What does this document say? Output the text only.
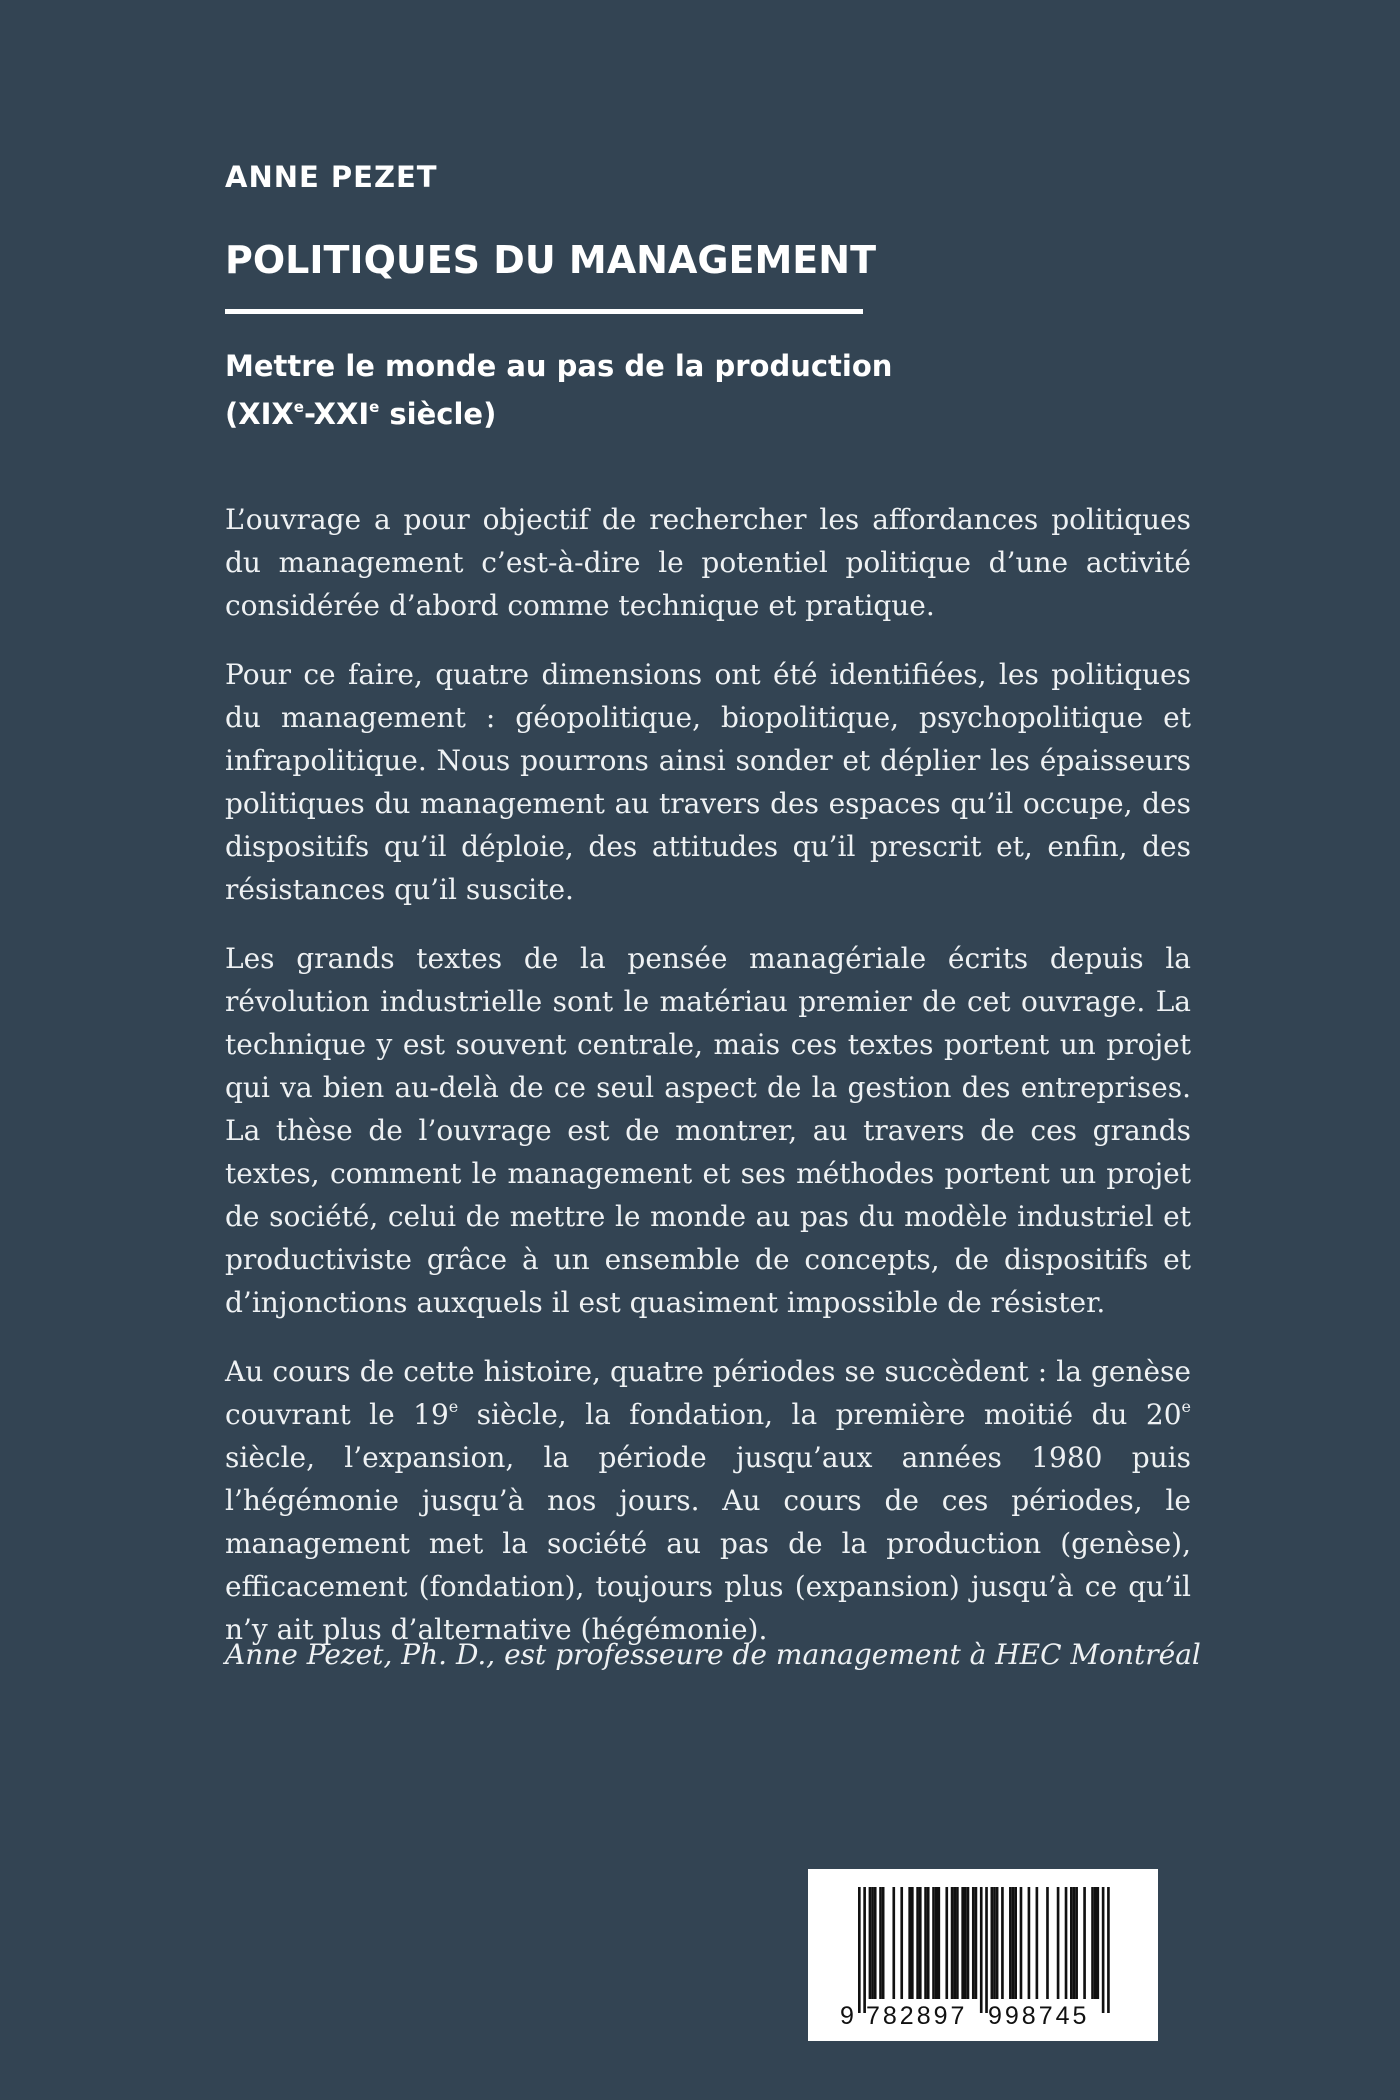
ANNE PEZET
POLITIQUES DU MANAGEMENT
Mettre le monde au pas de la production
(XIXe-XXIe siècle)

L’ouvrage a pour objectif de rechercher les affordances politiques du management c’est-à-dire le potentiel politique d’une activité considérée d’abord comme technique et pratique.

Pour ce faire, quatre dimensions ont été identifiées, les politiques du management : géopolitique, biopolitique, psychopolitique et infrapolitique. Nous pourrons ainsi sonder et déplier les épaisseurs politiques du management au travers des espaces qu’il occupe, des dispositifs qu’il déploie, des attitudes qu’il prescrit et, enfin, des résistances qu’il suscite.

Les grands textes de la pensée managériale écrits depuis la révolution industrielle sont le matériau premier de cet ouvrage. La technique y est souvent centrale, mais ces textes portent un projet qui va bien au-delà de ce seul aspect de la gestion des entreprises. La thèse de l’ouvrage est de montrer, au travers de ces grands textes, comment le management et ses méthodes portent un projet de société, celui de mettre le monde au pas du modèle industriel et productiviste grâce à un ensemble de concepts, de dispositifs et d’injonctions auxquels il est quasiment impossible de résister.

Au cours de cette histoire, quatre périodes se succèdent : la genèse couvrant le 19e siècle, la fondation, la première moitié du 20e siècle, l’expansion, la période jusqu’aux années 1980 puis l’hégémonie jusqu’à nos jours. Au cours de ces périodes, le management met la société au pas de la production (genèse), efficacement (fondation), toujours plus (expansion) jusqu’à ce qu’il n’y ait plus d’alternative (hégémonie).

Anne Pezet, Ph. D., est professeure de management à HEC Montréal
9 782897 998745
